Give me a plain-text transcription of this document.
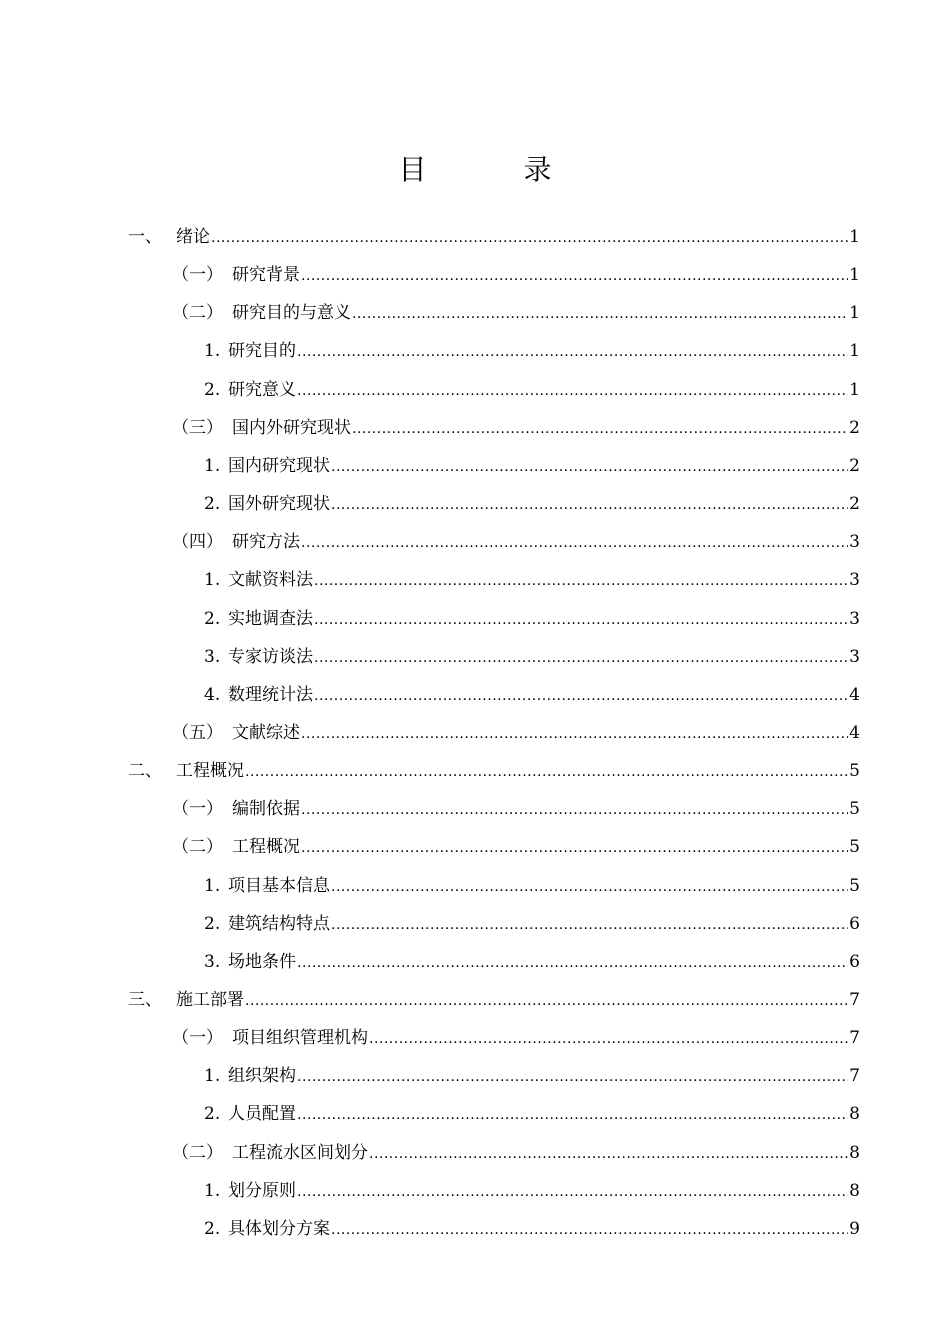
目 录
一、 绪论 .....	1
（一） 研究背景 .....	1
（二） 研究目的与意义 .....	1
1. 研究目的 .....	1
2. 研究意义 .....	1
（三） 国内外研究现状 .....	2
1. 国内研究现状 .....	2
2. 国外研究现状 .....	2
（四） 研究方法 .....	3
1. 文献资料法 .....	3
2. 实地调查法 .....	3
3. 专家访谈法 .....	3
4. 数理统计法 .....	4
（五） 文献综述 .....	4
二、 工程概况 .....	5
（一） 编制依据 .....	5
（二） 工程概况 .....	5
1. 项目基本信息 .....	5
2. 建筑结构特点 .....	6
3. 场地条件 .....	6
三、 施工部署 .....	7
（一） 项目组织管理机构 .....	7
1. 组织架构 .....	7
2. 人员配置 .....	8
（二） 工程流水区间划分 .....	8
1. 划分原则 .....	8
2. 具体划分方案 .....	9
